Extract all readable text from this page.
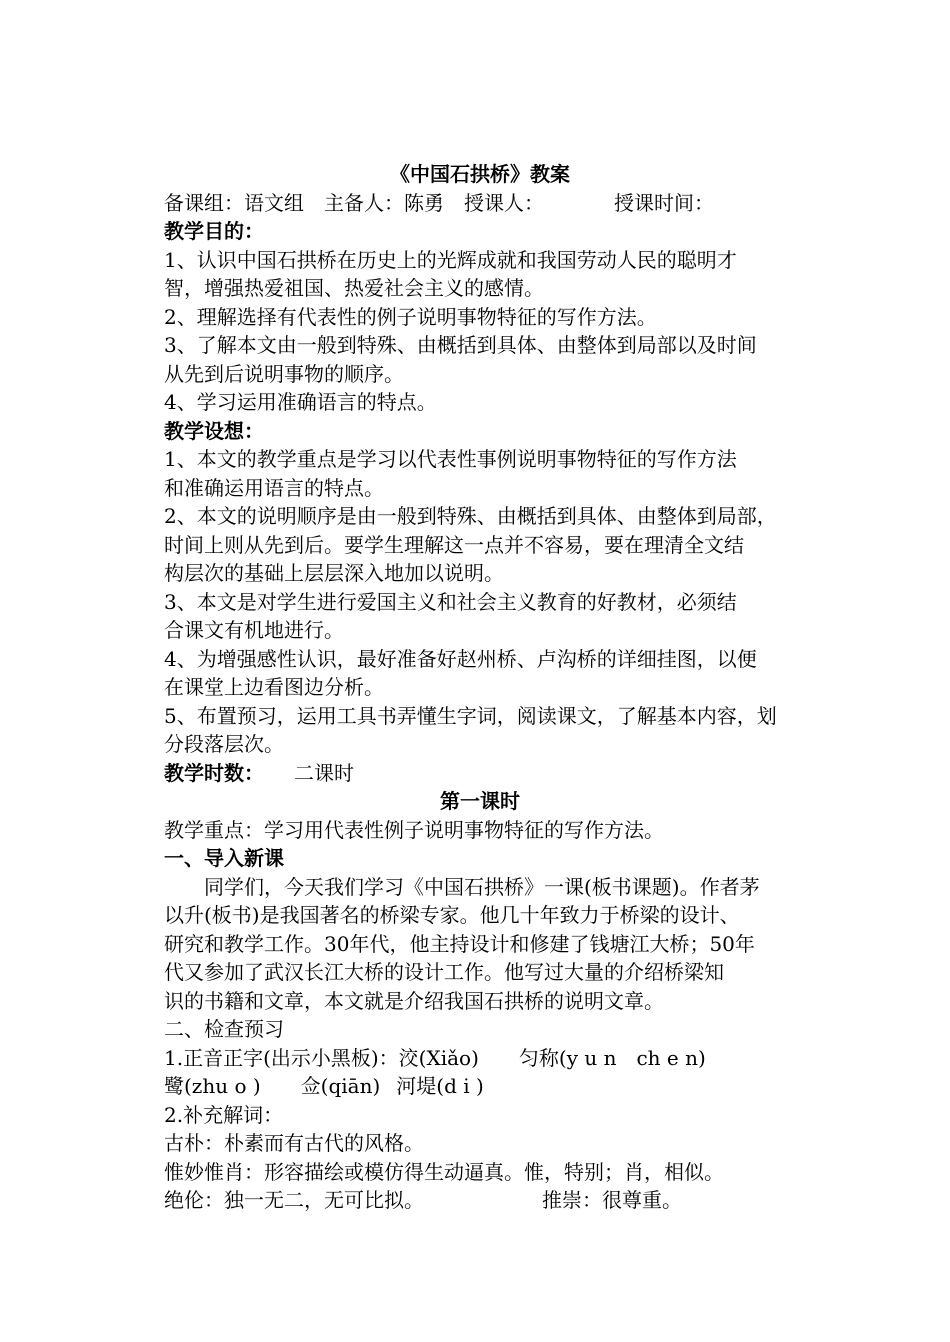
《中国石拱桥》教案
备课组：语文组 主备人：陈勇 授课人：	授课时间：
教学目的：
1、认识中国石拱桥在历史上的光辉成就和我国劳动人民的聪明才
智，增强热爱祖国、热爱社会主义的感情。
2、理解选择有代表性的例子说明事物特征的写作方法。
3、了解本文由一般到特殊、由概括到具体、由整体到局部以及时间
从先到后说明事物的顺序。
4、学习运用准确语言的特点。
教学设想：
1、本文的教学重点是学习以代表性事例说明事物特征的写作方法
和准确运用语言的特点。
2、本文的说明顺序是由一般到特殊、由概括到具体、由整体到局部，
时间上则从先到后。要学生理解这一点并不容易，要在理清全文结
构层次的基础上层层深入地加以说明。
3、本文是对学生进行爱国主义和社会主义教育的好教材，必须结
合课文有机地进行。
4、为增强感性认识，最好准备好赵州桥、卢沟桥的详细挂图，以便
在课堂上边看图边分析。
5、布置预习，运用工具书弄懂生字词，阅读课文，了解基本内容，划
分段落层次。
教学时数： 二课时
第一课时
教学重点：学习用代表性例子说明事物特征的写作方法。
一、导入新课
同学们，今天我们学习《中国石拱桥》一课(板书课题)。作者茅
以升(板书)是我国著名的桥梁专家。他几十年致力于桥梁的设计、
研究和教学工作。30年代，他主持设计和修建了钱塘江大桥；50年
代又参加了武汉长江大桥的设计工作。他写过大量的介绍桥梁知
识的书籍和文章，本文就是介绍我国石拱桥的说明文章。
二、检查预习
1.正音正字(出示小黑板)：洨(Xiǎo) 匀称(y u n　ch e n)
鹭(zhu o ) 佥(qiān) 河堤(d i )
2.补充解词：
古朴：朴素而有古代的风格。
惟妙惟肖：形容描绘或模仿得生动逼真。惟，特别；肖，相似。
绝伦：独一无二，无可比拟。	推崇：很尊重。
